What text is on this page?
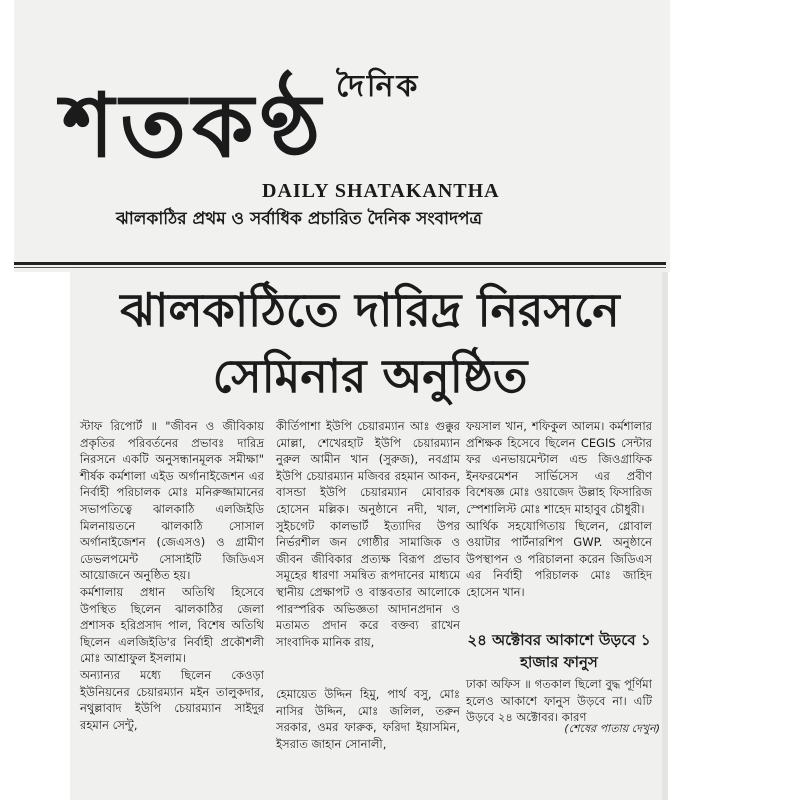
দৈনিক
শতকণ্ঠ
DAILY SHATAKANTHA
ঝালকাঠির প্রথম ও সর্বাধিক প্রচারিত দৈনিক সংবাদপত্র
ঝালকাঠিতে দারিদ্র নিরসনে
সেমিনার অনুষ্ঠিত

স্টাফ রিপোর্ট ॥ "জীবন ও জীবিকায় প্রকৃতির পরিবর্তনের প্রভাবঃ দারিদ্র নিরসনে একটি অনুসন্ধানমূলক সমীক্ষা" শীর্ষক কর্মশালা এইড অর্গানাইজেশন এর নির্বাহী পরিচালক মোঃ মনিরুজ্জামানের সভাপতিত্বে ঝালকাঠি এলজিইডি মিলনায়তনে ঝালকাঠি সোসাল অর্গানাইজেশন (জেএসও) ও গ্রামীণ ডেভলপমেন্ট সোসাইটি জিডিএস আয়োজনে অনুষ্ঠিত হয়।

কর্মশালায় প্রধান অতিথি হিসেবে উপস্থিত ছিলেন ঝালকাঠির জেলা প্রশাসক হরিপ্রসাদ পাল, বিশেষ অতিথি ছিলেন এলজিইডি'র নির্বাহী প্রকৌশলী মোঃ আশ্রাফুল ইসলাম।

অন্যান্যর মধ্যে ছিলেন কেওড়া ইউনিয়নের চেয়ারম্যান মইন তালুকদার, নথুল্লাবাদ ইউপি চেয়ারম্যান সাইদুর রহমান সেন্টু,

কীর্তিপাশা ইউপি চেয়ারম্যান আঃ গুক্কুর মোল্লা, শেখেরহাট ইউপি চেয়ারম্যান নুরুল আমীন খান (সুরুজ), নবগ্রাম ইউপি চেয়ারম্যান মজিবর রহমান আকন, বাসন্ডা ইউপি চেয়ারম্যান মোবারক হোসেন মল্লিক। অনুষ্ঠানে নদী, খাল, সুইচগেট কালভার্ট ইত্যাদির উপর নির্ভরশীল জন গোষ্ঠীর সামাজিক ও জীবন জীবিকার প্রত্যক্ষ বিরূপ প্রভাব সমূহের ধারণা সমন্বিত রূপদানের মাধ্যমে স্থানীয় প্রেক্ষাপট ও বাস্তবতার আলোকে পারস্পরিক অভিজ্ঞতা আদানপ্রদান ও মতামত প্রদান করে বক্তব্য রাখেন সাংবাদিক মানিক রায়,

হেমায়েত উদ্দিন হিমু, পার্থ বসু, মোঃ নাসির উদ্দিন, মোঃ জলিল, তরুন সরকার, ওমর ফারুক, ফরিদা ইয়াসমিন, ইসরাত জাহান সোনালী,

ফয়সাল খান, শফিকুল আলম। কর্মশালার প্রশিক্ষক হিসেবে ছিলেন CEGIS সেন্টার ফর এনভায়মেন্টাল এন্ড জিওগ্রাফিক ইনফরমেশন সার্ভিসেস এর প্রবীণ বিশেষজ্ঞ মোঃ ওয়াজেদ উল্লাহ ফিসারিজ স্পেশালিস্ট মোঃ শাহেদ মাহাবুব চৌধুরী।

আর্থিক সহযোগিতায় ছিলেন, গ্লোবাল ওয়াটার পার্টনারশিপ GWP. অনুষ্ঠানে উপস্থাপন ও পরিচালনা করেন জিডিএস এর নির্বাহী পরিচালক মোঃ জাহিদ হোসেন খান।

২৪ অক্টোবর আকাশে উড়বে ১ হাজার ফানুস
ঢাকা অফিস ॥ গতকাল ছিলো বুদ্ধ পূর্ণিমা হলেও আকাশে ফানুস উড়বে না। এটি উড়বে ২৪ অক্টোবর। কারণ
(শেষের পাতায় দেখুন)
